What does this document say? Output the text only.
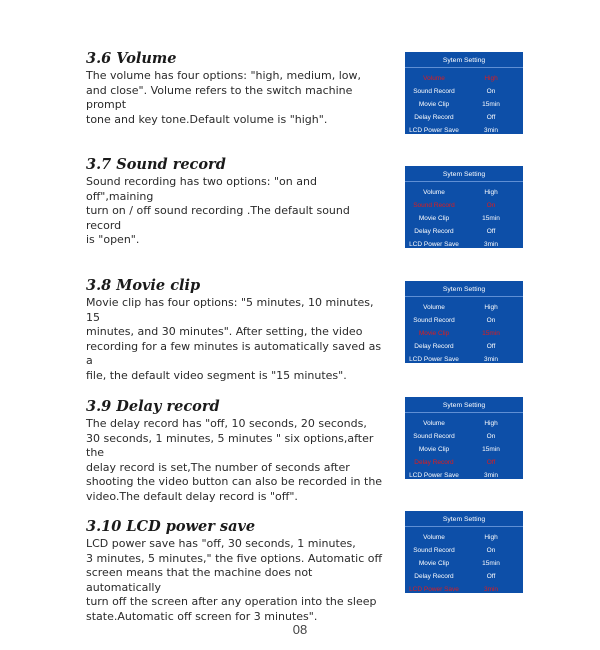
3.6 Volume

The volume has four options: "high, medium, low,
and close". Volume refers to the switch machine prompt
tone and key tone.Default volume is "high".

3.7 Sound record

Sound recording has two options: "on and off",maining
turn on / off sound recording .The default sound record
is "open".

3.8 Movie clip

Movie clip has four options: "5 minutes, 10 minutes, 15
minutes, and 30 minutes". After setting, the video
recording for a few minutes is automatically saved as a
file, the default video segment is "15 minutes".

3.9 Delay record

The delay record has "off, 10 seconds, 20 seconds,
30 seconds, 1 minutes, 5 minutes " six options,after the
delay record is set,The number of seconds after
shooting the video button can also be recorded in the
video.The default delay record is "off".

3.10 LCD power save

LCD power save has "off, 30 seconds, 1 minutes,
3 minutes, 5 minutes," the five options. Automatic off
screen means that the machine does not automatically
turn off the screen after any operation into the sleep
state.Automatic off screen for 3 minutes".

Sytem Setting
Volume	High
Sound Record	On
Movie Clip	15min
Delay Record	Off
LCD Power Save	3min
Sytem Setting
Volume	High
Sound Record	On
Movie Clip	15min
Delay Record	Off
LCD Power Save	3min
Sytem Setting
Volume	High
Sound Record	On
Movie Clip	15min
Delay Record	Off
LCD Power Save	3min
Sytem Setting
Volume	High
Sound Record	On
Movie Clip	15min
Delay Record	Off
LCD Power Save	3min
Sytem Setting
Volume	High
Sound Record	On
Movie Clip	15min
Delay Record	Off
LCD Power Save	3min
08
